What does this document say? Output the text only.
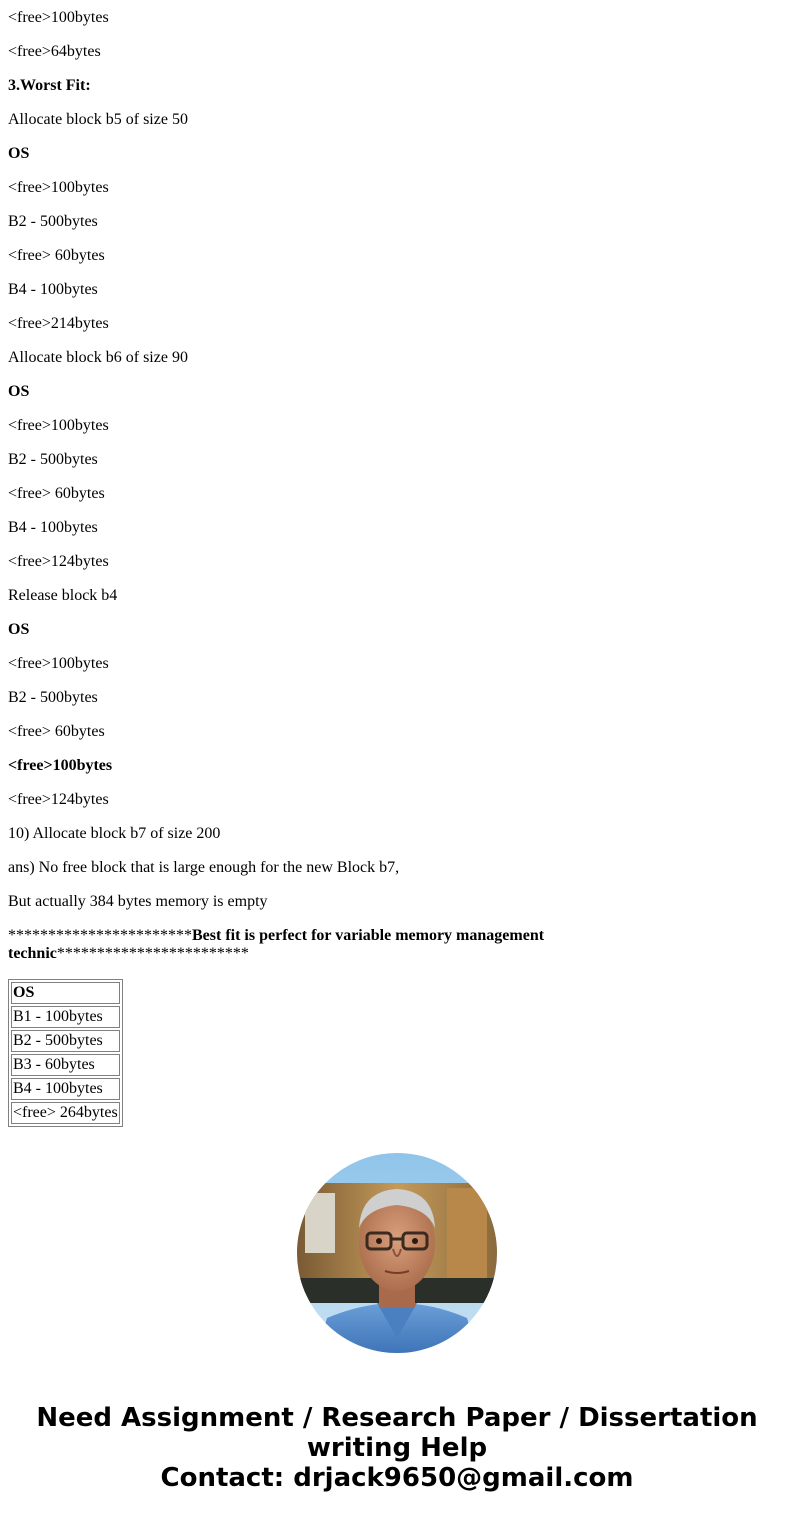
<free>100bytes
<free>64bytes
3.Worst Fit:
Allocate block b5 of size 50
OS
<free>100bytes
B2 - 500bytes
<free> 60bytes
B4 - 100bytes
<free>214bytes
Allocate block b6 of size 90
OS
<free>100bytes
B2 - 500bytes
<free> 60bytes
B4 - 100bytes
<free>124bytes
Release block b4
OS
<free>100bytes
B2 - 500bytes
<free> 60bytes
<free>100bytes
<free>124bytes
10) Allocate block b7 of size 200
ans) No free block that is large enough for the new Block b7,
But actually 384 bytes memory is empty
***********************Best fit is perfect for variable memory management technic************************
OS
B1 - 100bytes
B2 - 500bytes
B3 - 60bytes
B4 - 100bytes
<free> 264bytes
Need Assignment / Research Paper / Dissertation writing Help
Contact: drjack9650@gmail.com
